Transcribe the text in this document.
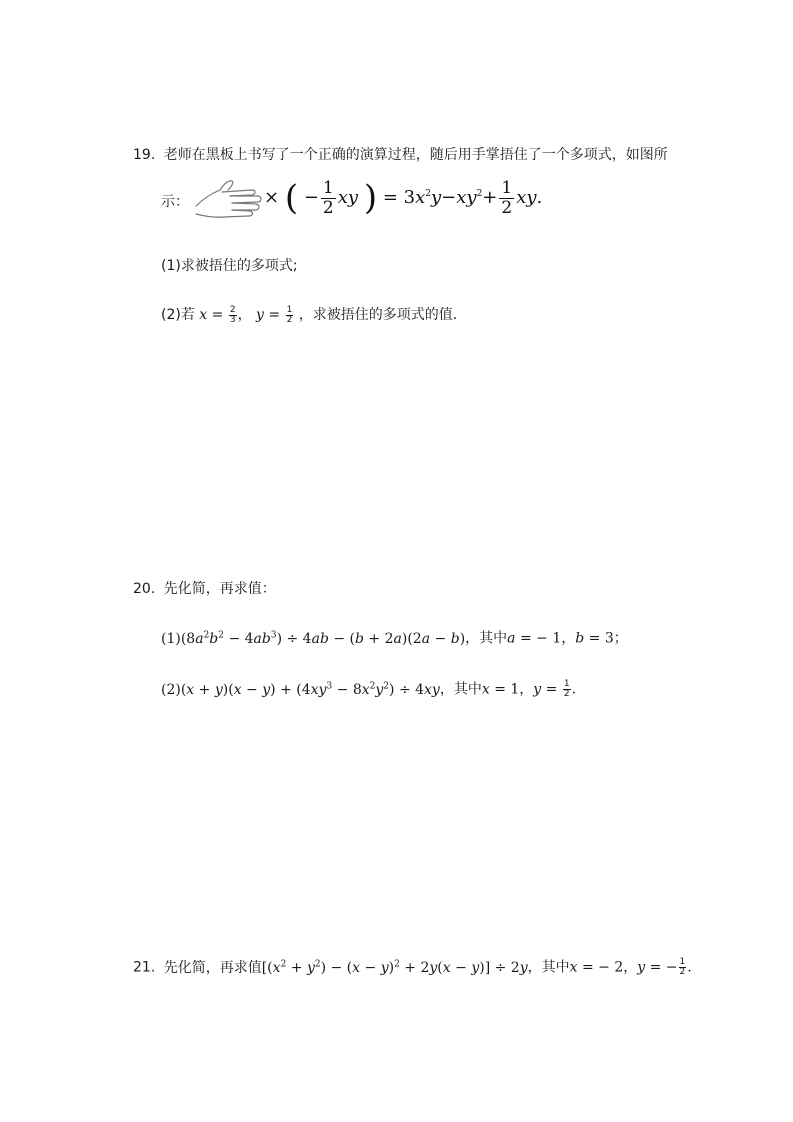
19. 老师在黑板上书写了一个正确的演算过程，随后用手掌捂住了一个多项式，如图所
示：	× ( − $\frac{1}{2}$ xy ) = $3x^2y-xy^2+ \frac{1}{2}$ xy.
(1)求被捂住的多项式;
(2)若 $x = \frac{2}{3}$ ， $y = \frac{1}{2}$ ，求被捂住的多项式的值．
20. 先化简，再求值：
$(1)(8a^2b^2 - 4ab^3) \div 4ab - (b + 2a)(2a - b)$，其中a = − 1，b = 3；
$(2)(x + y)(x - y) + (4xy^3 - 8x^2y^2) \div 4xy$，其中x = 1，$y = \frac{1}{2}$ .
21. 先化简，再求值$[(x^2 + y^2) - (x - y)^2 + 2y(x - y)] \div 2y$，其中x = − 2，y = − $\frac{1}{2}$ .
